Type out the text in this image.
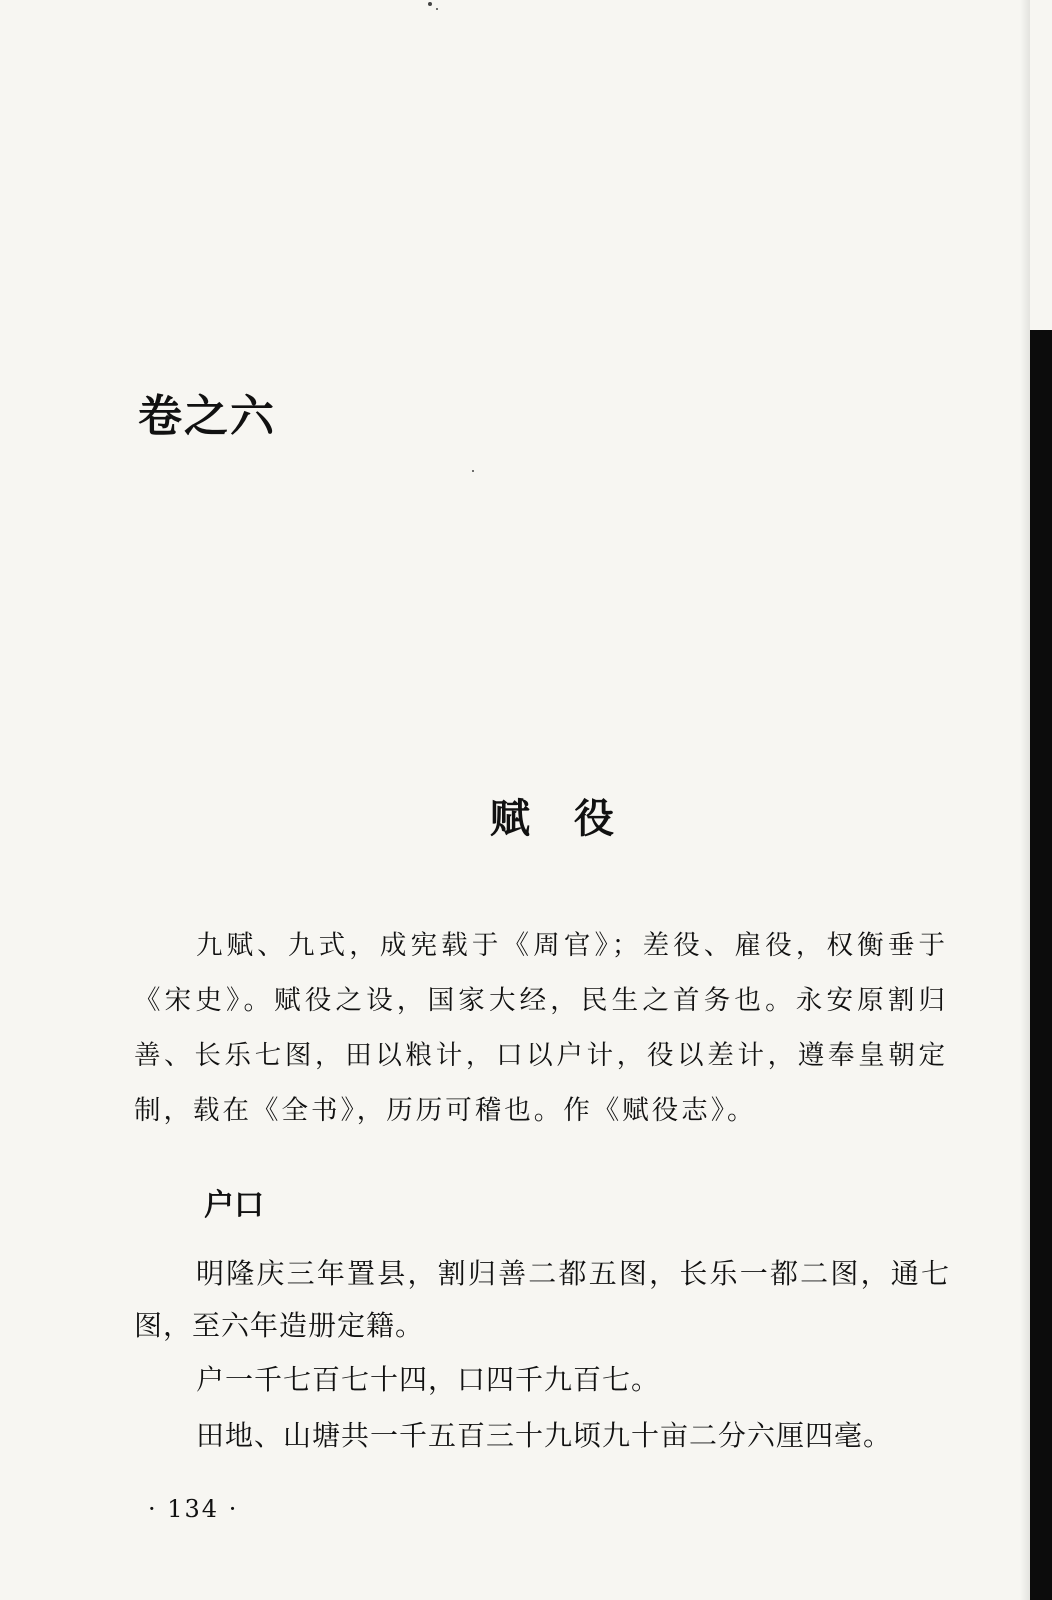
卷之六
赋 役

九赋、九式，成宪载于《周官》；差役、雇役，权衡垂于《宋史》。赋役之设，国家大经，民生之首务也。永安原割归善、长乐七图，田以粮计，口以户计，役以差计，遵奉皇朝定制，载在《全书》，历历可稽也。作《赋役志》。

户口

明隆庆三年置县，割归善二都五图，长乐一都二图，通七图，至六年造册定籍。

户一千七百七十四，口四千九百七。

田地、山塘共一千五百三十九顷九十亩二分六厘四毫。

· 134 ·
